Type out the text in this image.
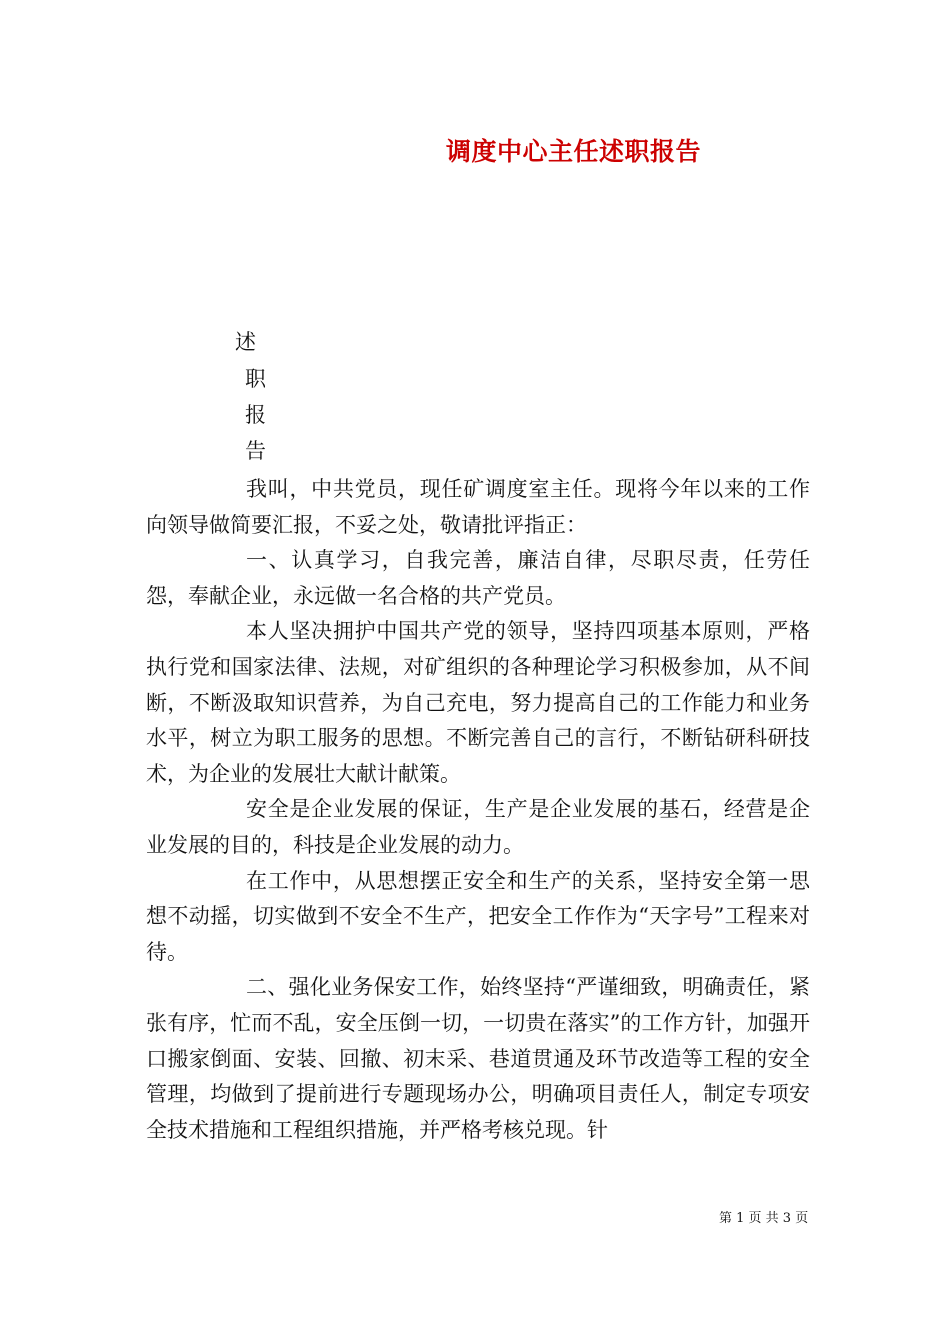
调度中心主任述职报告
述
职
报
告

我叫，中共党员，现任矿调度室主任。现将今年以来的工作向领导做简要汇报，不妥之处，敬请批评指正：

一、认真学习，自我完善，廉洁自律，尽职尽责，任劳任怨，奉献企业，永远做一名合格的共产党员。

本人坚决拥护中国共产党的领导，坚持四项基本原则，严格执行党和国家法律、法规，对矿组织的各种理论学习积极参加，从不间断，不断汲取知识营养，为自己充电，努力提高自己的工作能力和业务水平，树立为职工服务的思想。不断完善自己的言行，不断钻研科研技术，为企业的发展壮大献计献策。

安全是企业发展的保证，生产是企业发展的基石，经营是企业发展的目的，科技是企业发展的动力。

在工作中，从思想摆正安全和生产的关系，坚持安全第一思想不动摇，切实做到不安全不生产，把安全工作作为“天字号”工程来对待。

二、强化业务保安工作，始终坚持“严谨细致，明确责任，紧张有序，忙而不乱，安全压倒一切，一切贵在落实”的工作方针，加强开口搬家倒面、安装、回撤、初末采、巷道贯通及环节改造等工程的安全管理，均做到了提前进行专题现场办公，明确项目责任人，制定专项安全技术措施和工程组织措施，并严格考核兑现。针

第 1 页 共 3 页
